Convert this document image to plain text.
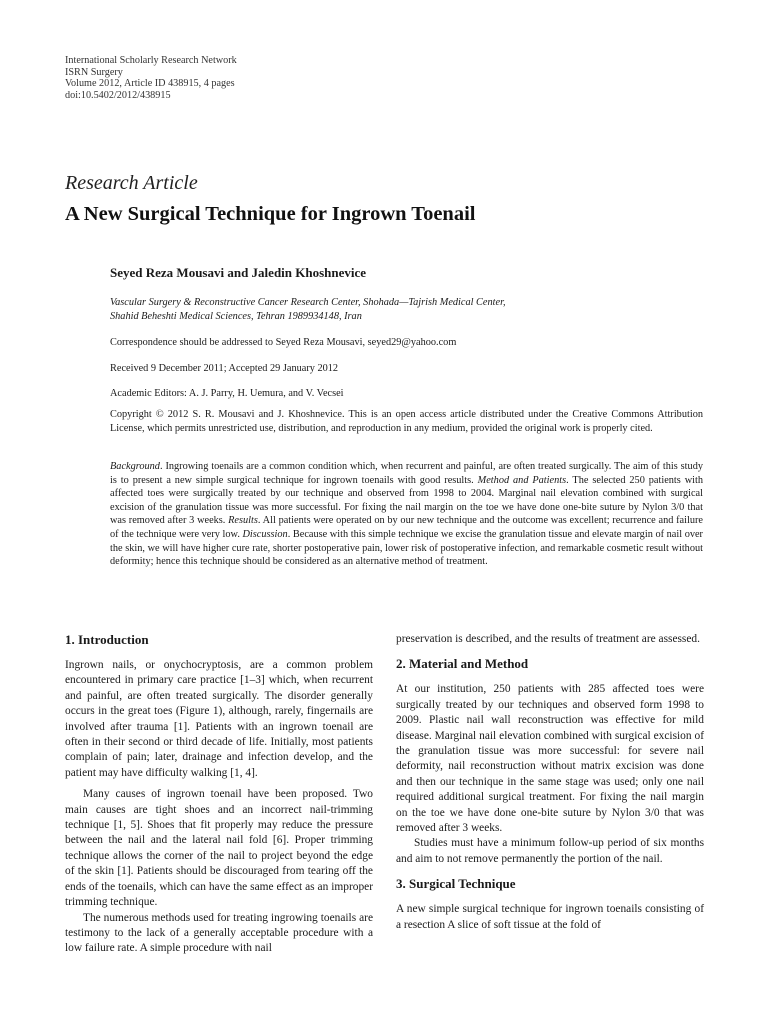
International Scholarly Research Network
ISRN Surgery
Volume 2012, Article ID 438915, 4 pages
doi:10.5402/2012/438915
Research Article
A New Surgical Technique for Ingrown Toenail
Seyed Reza Mousavi and Jaledin Khoshnevice
Vascular Surgery & Reconstructive Cancer Research Center, Shohada—Tajrish Medical Center,
Shahid Beheshti Medical Sciences, Tehran 1989934148, Iran
Correspondence should be addressed to Seyed Reza Mousavi, seyed29@yahoo.com
Received 9 December 2011; Accepted 29 January 2012
Academic Editors: A. J. Parry, H. Uemura, and V. Vecsei
Copyright © 2012 S. R. Mousavi and J. Khoshnevice. This is an open access article distributed under the Creative Commons Attribution License, which permits unrestricted use, distribution, and reproduction in any medium, provided the original work is properly cited.
Background. Ingrowing toenails are a common condition which, when recurrent and painful, are often treated surgically. The aim of this study is to present a new simple surgical technique for ingrown toenails with good results. Method and Patients. The selected 250 patients with affected toes were surgically treated by our technique and observed from 1998 to 2004. Marginal nail elevation combined with surgical excision of the granulation tissue was more successful. For fixing the nail margin on the toe we have done one-bite suture by Nylon 3/0 that was removed after 3 weeks. Results. All patients were operated on by our new technique and the outcome was excellent; recurrence and failure of the technique were very low. Discussion. Because with this simple technique we excise the granulation tissue and elevate margin of nail over the skin, we will have higher cure rate, shorter postoperative pain, lower risk of postoperative infection, and remarkable cosmetic result without deformity; hence this technique should be considered as an alternative method of treatment.
1. Introduction

Ingrown nails, or onychocryptosis, are a common problem encountered in primary care practice [1–3] which, when recurrent and painful, are often treated surgically. The disorder generally occurs in the great toes (Figure 1), although, rarely, fingernails are involved after trauma [1]. Patients with an ingrown toenail are often in their second or third decade of life. Initially, most patients complain of pain; later, drainage and infection develop, and the patient may have difficulty walking [1, 4].

Many causes of ingrown toenail have been proposed. Two main causes are tight shoes and an incorrect nail-trimming technique [1, 5]. Shoes that fit properly may reduce the pressure between the nail and the lateral nail fold [6]. Proper trimming technique allows the corner of the nail to project beyond the edge of the skin [1]. Patients should be discouraged from tearing off the ends of the toenails, which can have the same effect as an improper trimming technique.

The numerous methods used for treating ingrowing toenails are testimony to the lack of a generally acceptable procedure with a low failure rate. A simple procedure with nail

preservation is described, and the results of treatment are assessed.

2. Material and Method

At our institution, 250 patients with 285 affected toes were surgically treated by our techniques and observed form 1998 to 2009. Plastic nail wall reconstruction was effective for mild disease. Marginal nail elevation combined with surgical excision of the granulation tissue was more successful: for severe nail deformity, nail reconstruction without matrix excision was done and then our technique in the same stage was used; only one nail required additional surgical treatment. For fixing the nail margin on the toe we have done one-bite suture by Nylon 3/0 that was removed after 3 weeks.

Studies must have a minimum follow-up period of six months and aim to not remove permanently the portion of the nail.

3. Surgical Technique

A new simple surgical technique for ingrown toenails consisting of a resection A slice of soft tissue at the fold of
